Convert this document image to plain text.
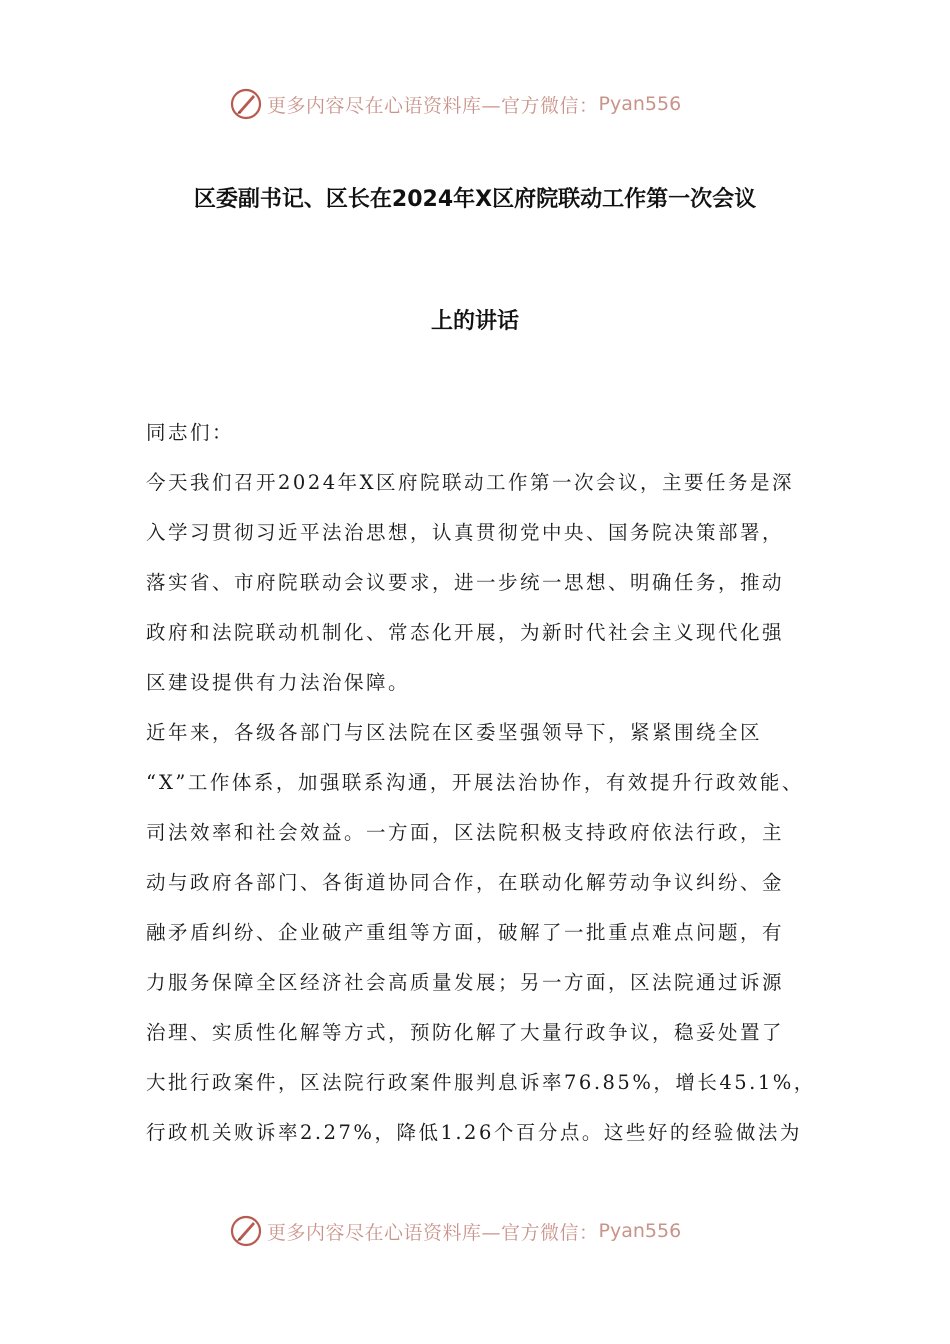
更多内容尽在心语资料库—官方微信： Pyan556
区委副书记、区长在2024年X区府院联动工作第一次会议
上的讲话
同志们：
今天我们召开2024年X区府院联动工作第一次会议，主要任务是深
入学习贯彻习近平法治思想，认真贯彻党中央、国务院决策部署，
落实省、市府院联动会议要求，进一步统一思想、明确任务，推动
政府和法院联动机制化、常态化开展，为新时代社会主义现代化强
区建设提供有力法治保障。
近年来，各级各部门与区法院在区委坚强领导下，紧紧围绕全区
“X”工作体系，加强联系沟通，开展法治协作，有效提升行政效能、
司法效率和社会效益。一方面，区法院积极支持政府依法行政，主
动与政府各部门、各街道协同合作，在联动化解劳动争议纠纷、金
融矛盾纠纷、企业破产重组等方面，破解了一批重点难点问题，有
力服务保障全区经济社会高质量发展；另一方面，区法院通过诉源
治理、实质性化解等方式，预防化解了大量行政争议，稳妥处置了
大批行政案件，区法院行政案件服判息诉率76.85%，增长45.1%，
行政机关败诉率2.27%，降低1.26个百分点。这些好的经验做法为
更多内容尽在心语资料库—官方微信： Pyan556
